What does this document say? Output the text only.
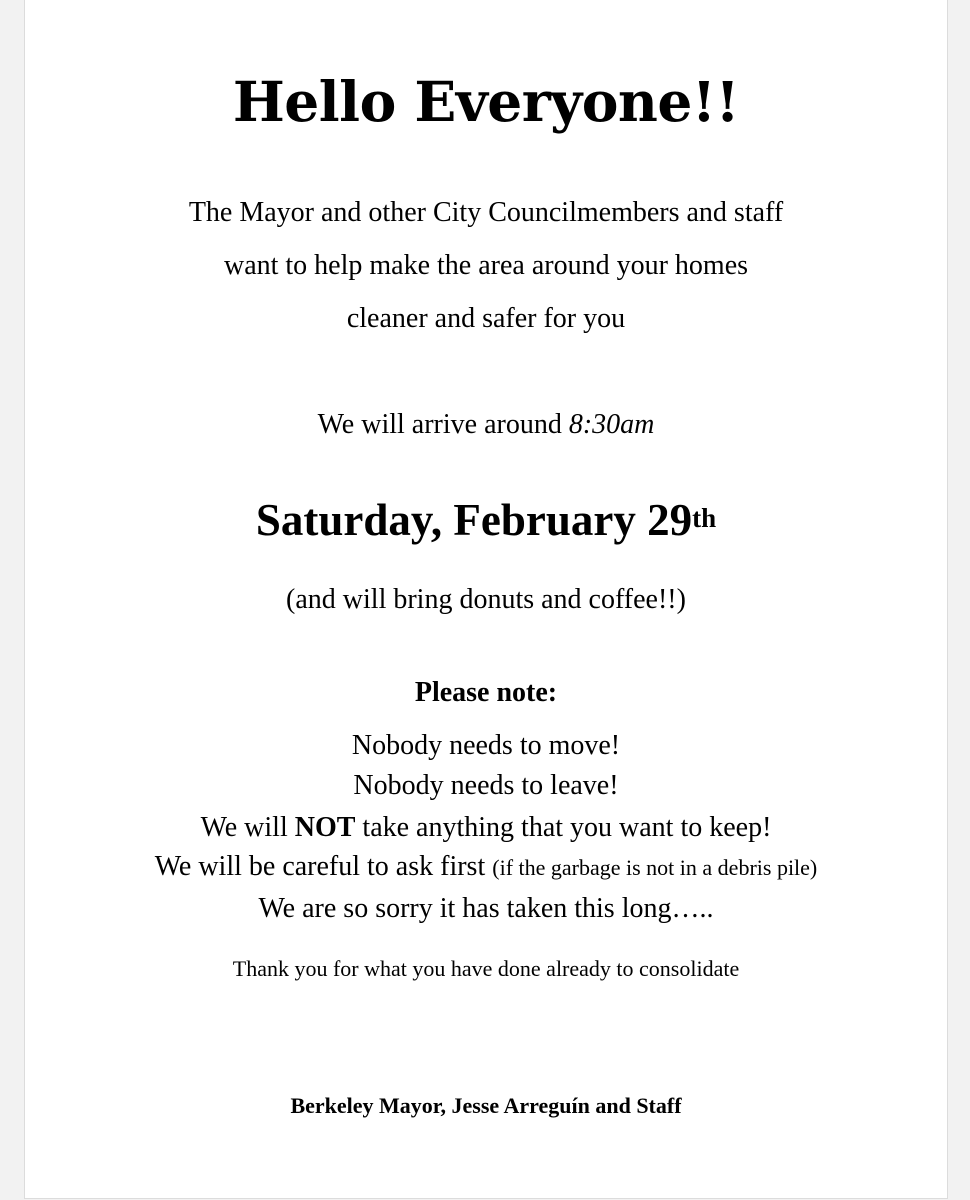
Hello Everyone!!
The Mayor and other City Councilmembers and staff
want to help make the area around your homes
cleaner and safer for you
We will arrive around 8:30am
Saturday, February 29th
(and will bring donuts and coffee!!)
Please note:
Nobody needs to move!
Nobody needs to leave!
We will NOT take anything that you want to keep!
We will be careful to ask first (if the garbage is not in a debris pile)
We are so sorry it has taken this long…..
Thank you for what you have done already to consolidate
Berkeley Mayor, Jesse Arreguín and Staff
